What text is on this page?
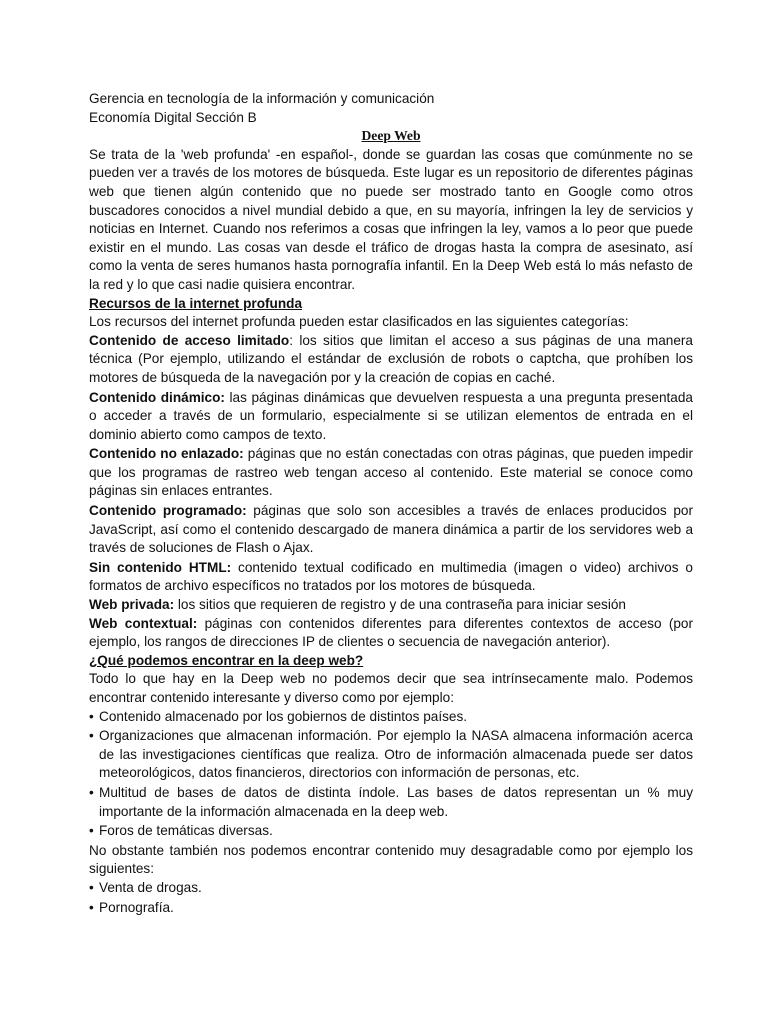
Gerencia en tecnología de la información y comunicación

Economía Digital Sección B

Deep Web

Se trata de la 'web profunda' -en español-, donde se guardan las cosas que comúnmente no se pueden ver a través de los motores de búsqueda. Este lugar es un repositorio de diferentes páginas web que tienen algún contenido que no puede ser mostrado tanto en Google como otros buscadores conocidos a nivel mundial debido a que, en su mayoría, infringen la ley de servicios y noticias en Internet. Cuando nos referimos a cosas que infringen la ley, vamos a lo peor que puede existir en el mundo. Las cosas van desde el tráfico de drogas hasta la compra de asesinato, así como la venta de seres humanos hasta pornografía infantil. En la Deep Web está lo más nefasto de la red y lo que casi nadie quisiera encontrar.

Recursos de la internet profunda

Los recursos del internet profunda pueden estar clasificados en las siguientes categorías:

Contenido de acceso limitado: los sitios que limitan el acceso a sus páginas de una manera técnica (Por ejemplo, utilizando el estándar de exclusión de robots o captcha, que prohíben los motores de búsqueda de la navegación por y la creación de copias en caché.

Contenido dinámico: las páginas dinámicas que devuelven respuesta a una pregunta presentada o acceder a través de un formulario, especialmente si se utilizan elementos de entrada en el dominio abierto como campos de texto.

Contenido no enlazado: páginas que no están conectadas con otras páginas, que pueden impedir que los programas de rastreo web tengan acceso al contenido. Este material se conoce como páginas sin enlaces entrantes.

Contenido programado: páginas que solo son accesibles a través de enlaces producidos por JavaScript, así como el contenido descargado de manera dinámica a partir de los servidores web a través de soluciones de Flash o Ajax.

Sin contenido HTML: contenido textual codificado en multimedia (imagen o video) archivos o formatos de archivo específicos no tratados por los motores de búsqueda.

Web privada: los sitios que requieren de registro y de una contraseña para iniciar sesión

Web contextual: páginas con contenidos diferentes para diferentes contextos de acceso (por ejemplo, los rangos de direcciones IP de clientes o secuencia de navegación anterior).

¿Qué podemos encontrar en la deep web?

Todo lo que hay en la Deep web no podemos decir que sea intrínsecamente malo. Podemos encontrar contenido interesante y diverso como por ejemplo:

• Contenido almacenado por los gobiernos de distintos países.
• Organizaciones que almacenan información. Por ejemplo la NASA almacena información acerca de las investigaciones científicas que realiza. Otro de información almacenada puede ser datos meteorológicos, datos financieros, directorios con información de personas, etc.
• Multitud de bases de datos de distinta índole. Las bases de datos representan un % muy importante de la información almacenada en la deep web.
• Foros de temáticas diversas.

No obstante también nos podemos encontrar contenido muy desagradable como por ejemplo los siguientes:

• Venta de drogas.
• Pornografía.
